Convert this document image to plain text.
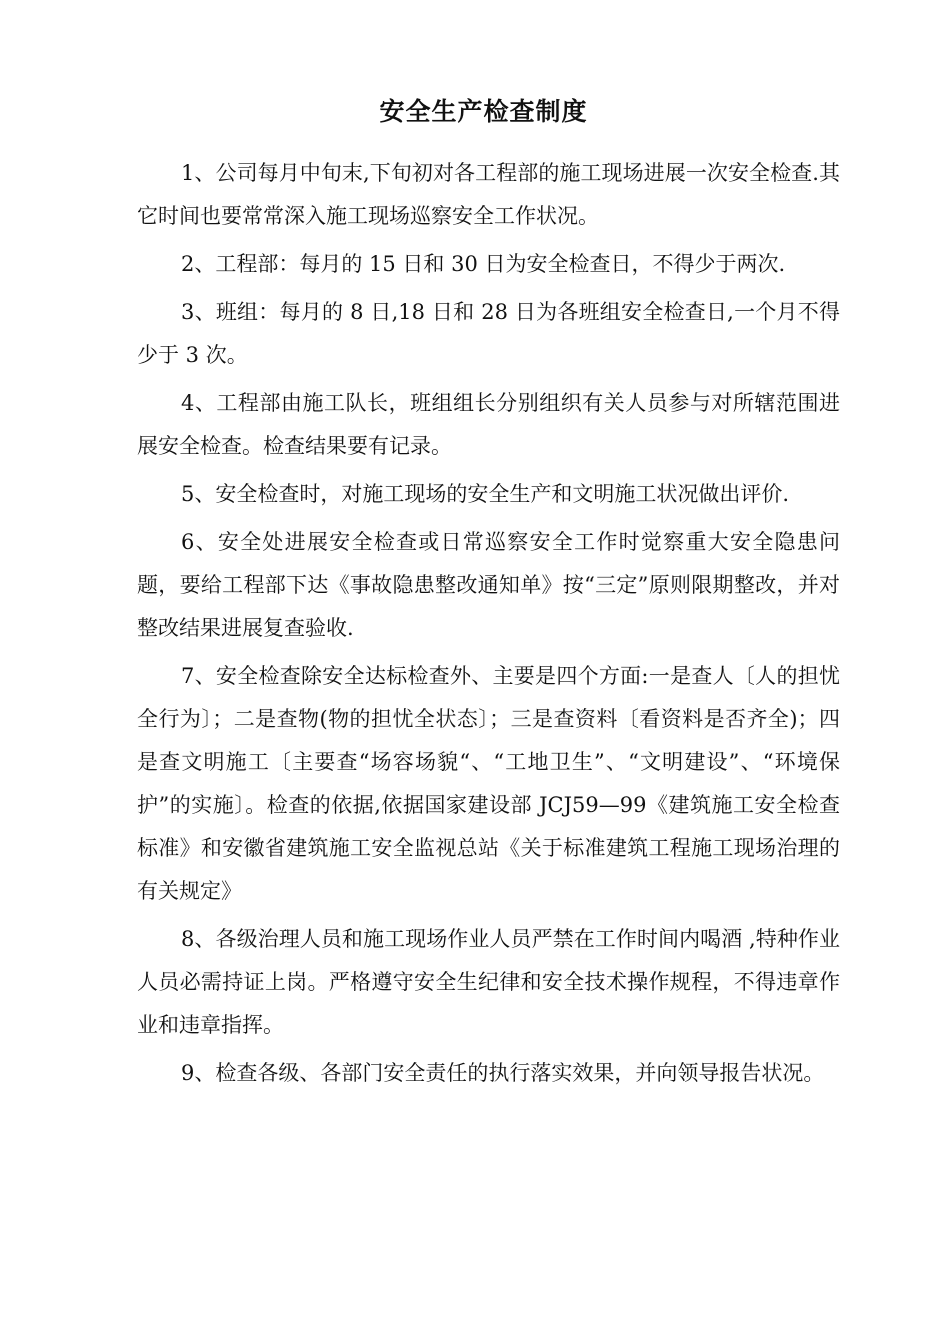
安全生产检查制度

1、公司每月中旬末,下旬初对各工程部的施工现场进展一次安全检查.其它时间也要常常深入施工现场巡察安全工作状况。

2、工程部：每月的 15 日和 30 日为安全检查日，不得少于两次.

3、班组：每月的 8 日,18 日和 28 日为各班组安全检查日,一个月不得少于 3 次。

4、工程部由施工队长，班组组长分别组织有关人员参与对所辖范围进展安全检查。检查结果要有记录。

5、安全检查时，对施工现场的安全生产和文明施工状况做出评价.

6、安全处进展安全检查或日常巡察安全工作时觉察重大安全隐患问题，要给工程部下达《事故隐患整改通知单》按“三定”原则限期整改，并对整改结果进展复查验收.

7、安全检查除安全达标检查外、主要是四个方面:一是查人〔人的担忧全行为〕；二是查物(物的担忧全状态〕；三是查资料〔看资料是否齐全)；四是查文明施工〔主要查“场容场貌“、“工地卫生”、“文明建设”、“环境保护”的实施〕。检查的依据,依据国家建设部 JCJ59—99《建筑施工安全检查标准》和安徽省建筑施工安全监视总站《关于标准建筑工程施工现场治理的有关规定》

8、各级治理人员和施工现场作业人员严禁在工作时间内喝酒 ,特种作业人员必需持证上岗。严格遵守安全生纪律和安全技术操作规程，不得违章作业和违章指挥。

9、检查各级、各部门安全责任的执行落实效果，并向领导报告状况。
